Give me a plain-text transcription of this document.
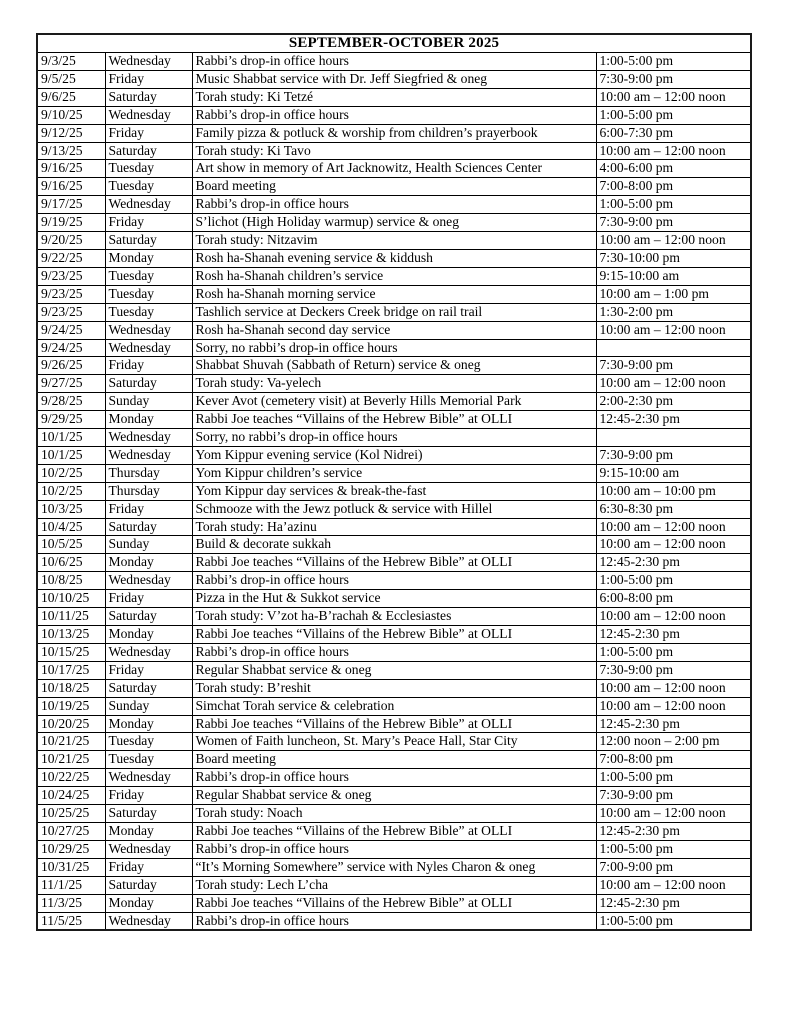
SEPTEMBER-OCTOBER 2025			
9/3/25	Wednesday	Rabbi’s drop-in office hours	1:00-5:00 pm
9/5/25	Friday	Music Shabbat service with Dr. Jeff Siegfried & oneg	7:30-9:00 pm
9/6/25	Saturday	Torah study: Ki Tetzé	10:00 am – 12:00 noon
9/10/25	Wednesday	Rabbi’s drop-in office hours	1:00-5:00 pm
9/12/25	Friday	Family pizza & potluck & worship from children’s prayerbook	6:00-7:30 pm
9/13/25	Saturday	Torah study: Ki Tavo	10:00 am – 12:00 noon
9/16/25	Tuesday	Art show in memory of Art Jacknowitz, Health Sciences Center	4:00-6:00 pm
9/16/25	Tuesday	Board meeting	7:00-8:00 pm
9/17/25	Wednesday	Rabbi’s drop-in office hours	1:00-5:00 pm
9/19/25	Friday	S’lichot (High Holiday warmup) service & oneg	7:30-9:00 pm
9/20/25	Saturday	Torah study: Nitzavim	10:00 am – 12:00 noon
9/22/25	Monday	Rosh ha-Shanah evening service & kiddush	7:30-10:00 pm
9/23/25	Tuesday	Rosh ha-Shanah children’s service	9:15-10:00 am
9/23/25	Tuesday	Rosh ha-Shanah morning service	10:00 am – 1:00 pm
9/23/25	Tuesday	Tashlich service at Deckers Creek bridge on rail trail	1:30-2:00 pm
9/24/25	Wednesday	Rosh ha-Shanah second day service	10:00 am – 12:00 noon
9/24/25	Wednesday	Sorry, no rabbi’s drop-in office hours	
9/26/25	Friday	Shabbat Shuvah (Sabbath of Return) service & oneg	7:30-9:00 pm
9/27/25	Saturday	Torah study: Va-yelech	10:00 am – 12:00 noon
9/28/25	Sunday	Kever Avot (cemetery visit) at Beverly Hills Memorial Park	2:00-2:30 pm
9/29/25	Monday	Rabbi Joe teaches “Villains of the Hebrew Bible” at OLLI	12:45-2:30 pm
10/1/25	Wednesday	Sorry, no rabbi’s drop-in office hours	
10/1/25	Wednesday	Yom Kippur evening service (Kol Nidrei)	7:30-9:00 pm
10/2/25	Thursday	Yom Kippur children’s service	9:15-10:00 am
10/2/25	Thursday	Yom Kippur day services & break-the-fast	10:00 am – 10:00 pm
10/3/25	Friday	Schmooze with the Jewz potluck & service with Hillel	6:30-8:30 pm
10/4/25	Saturday	Torah study: Ha’azinu	10:00 am – 12:00 noon
10/5/25	Sunday	Build & decorate sukkah	10:00 am – 12:00 noon
10/6/25	Monday	Rabbi Joe teaches “Villains of the Hebrew Bible” at OLLI	12:45-2:30 pm
10/8/25	Wednesday	Rabbi’s drop-in office hours	1:00-5:00 pm
10/10/25	Friday	Pizza in the Hut & Sukkot service	6:00-8:00 pm
10/11/25	Saturday	Torah study: V’zot ha-B’rachah & Ecclesiastes	10:00 am – 12:00 noon
10/13/25	Monday	Rabbi Joe teaches “Villains of the Hebrew Bible” at OLLI	12:45-2:30 pm
10/15/25	Wednesday	Rabbi’s drop-in office hours	1:00-5:00 pm
10/17/25	Friday	Regular Shabbat service & oneg	7:30-9:00 pm
10/18/25	Saturday	Torah study: B’reshit	10:00 am – 12:00 noon
10/19/25	Sunday	Simchat Torah service & celebration	10:00 am – 12:00 noon
10/20/25	Monday	Rabbi Joe teaches “Villains of the Hebrew Bible” at OLLI	12:45-2:30 pm
10/21/25	Tuesday	Women of Faith luncheon, St. Mary’s Peace Hall, Star City	12:00 noon – 2:00 pm
10/21/25	Tuesday	Board meeting	7:00-8:00 pm
10/22/25	Wednesday	Rabbi’s drop-in office hours	1:00-5:00 pm
10/24/25	Friday	Regular Shabbat service & oneg	7:30-9:00 pm
10/25/25	Saturday	Torah study: Noach	10:00 am – 12:00 noon
10/27/25	Monday	Rabbi Joe teaches “Villains of the Hebrew Bible” at OLLI	12:45-2:30 pm
10/29/25	Wednesday	Rabbi’s drop-in office hours	1:00-5:00 pm
10/31/25	Friday	“It’s Morning Somewhere” service with Nyles Charon & oneg	7:00-9:00 pm
11/1/25	Saturday	Torah study: Lech L’cha	10:00 am – 12:00 noon
11/3/25	Monday	Rabbi Joe teaches “Villains of the Hebrew Bible” at OLLI	12:45-2:30 pm
11/5/25	Wednesday	Rabbi’s drop-in office hours	1:00-5:00 pm
